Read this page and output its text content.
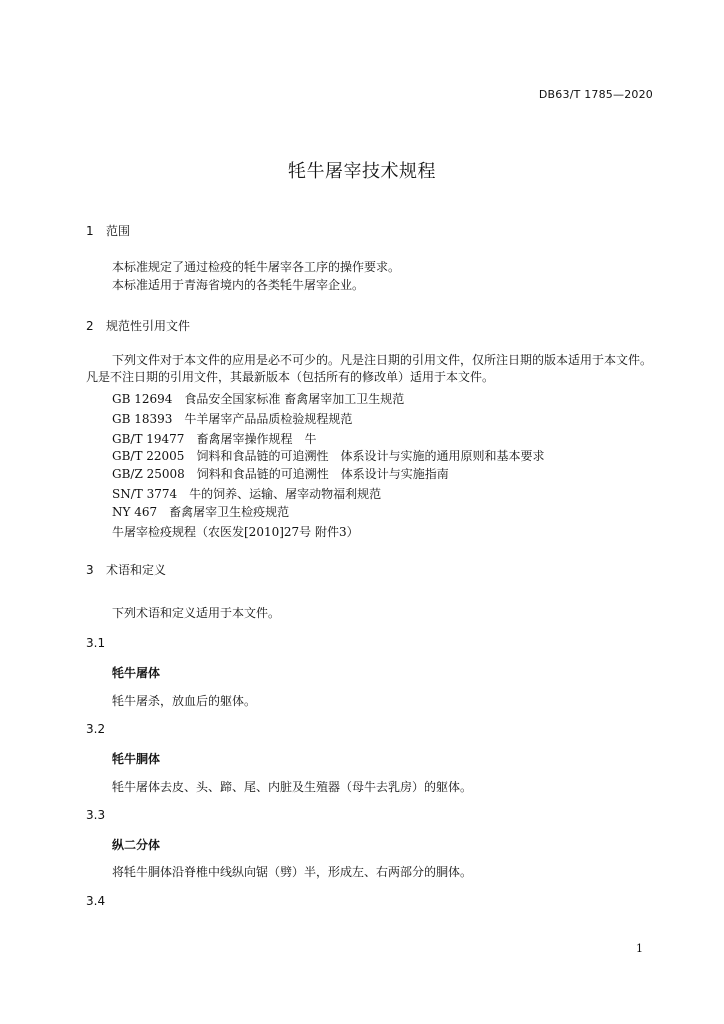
DB63/T 1785—2020
牦牛屠宰技术规程
1 范围
本标准规定了通过检疫的牦牛屠宰各工序的操作要求。
本标准适用于青海省境内的各类牦牛屠宰企业。
2 规范性引用文件
下列文件对于本文件的应用是必不可少的。凡是注日期的引用文件，仅所注日期的版本适用于本文件。凡是不注日期的引用文件，其最新版本（包括所有的修改单）适用于本文件。
GB 12694　食品安全国家标准 畜禽屠宰加工卫生规范
GB 18393　牛羊屠宰产品品质检验规程规范
GB/T 19477　畜禽屠宰操作规程　牛
GB/T 22005　饲料和食品链的可追溯性　体系设计与实施的通用原则和基本要求
GB/Z 25008　饲料和食品链的可追溯性　体系设计与实施指南
SN/T 3774　牛的饲养、运输、屠宰动物福利规范
NY 467　畜禽屠宰卫生检疫规范
牛屠宰检疫规程（农医发[2010]27号 附件3）
3 术语和定义
下列术语和定义适用于本文件。
3.1
牦牛屠体
牦牛屠杀，放血后的躯体。
3.2
牦牛胴体
牦牛屠体去皮、头、蹄、尾、内脏及生殖器（母牛去乳房）的躯体。
3.3
纵二分体
将牦牛胴体沿脊椎中线纵向锯（劈）半，形成左、右两部分的胴体。
3.4
1
